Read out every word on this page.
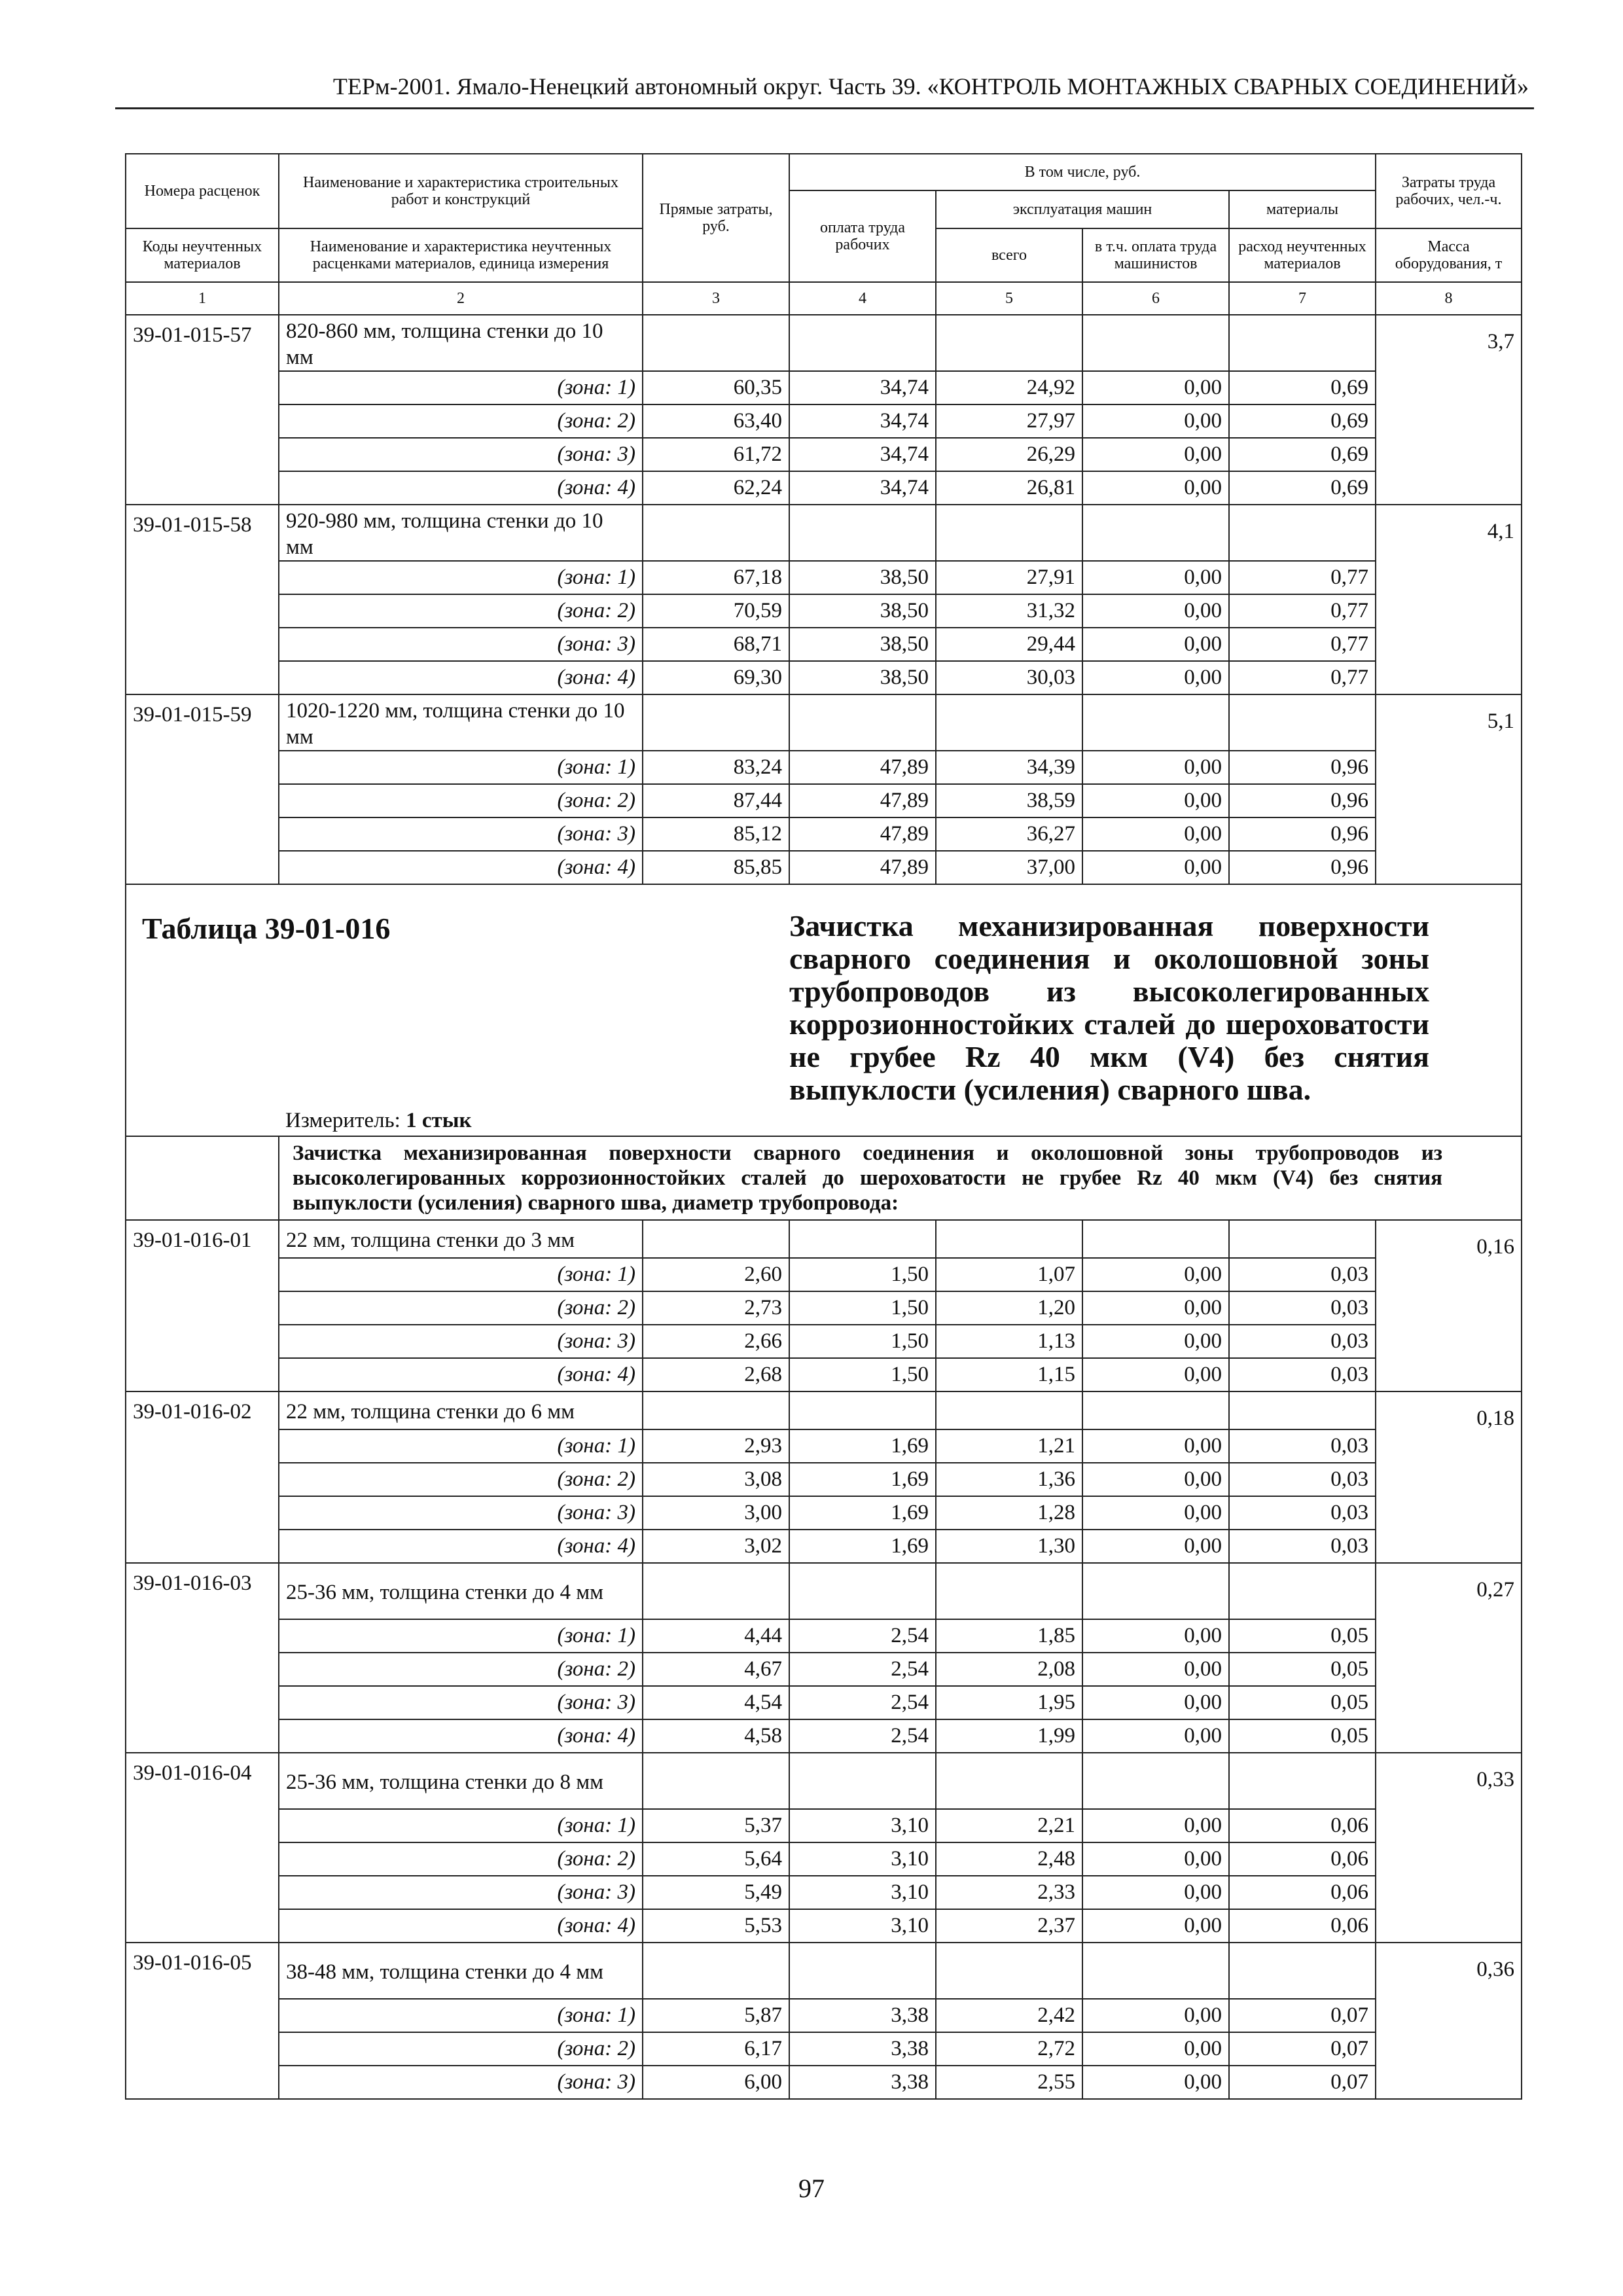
ТЕРм-2001. Ямало-Ненецкий автономный округ. Часть 39. «КОНТРОЛЬ МОНТАЖНЫХ СВАРНЫХ СОЕДИНЕНИЙ»
Номера расценок	Наименование и характеристика строительных работ и конструкций	Прямые затраты, руб.	В том числе, руб.				Затраты труда рабочих, чел.-ч.
			оплата труда рабочих	эксплуатация машин		материалы	
Коды неучтенных материалов	Наименование и характеристика неучтенных расценками материалов, единица измерения			всего	в т.ч. оплата труда машинистов	расход неучтенных материалов	Масса оборудования, т
1	2	3	4	5	6	7	8
39-01-015-57	820-860 мм, толщина стенки до 10 мм						3,7
	(зона: 1)	60,35	34,74	24,92	0,00	0,69	
	(зона: 2)	63,40	34,74	27,97	0,00	0,69	
	(зона: 3)	61,72	34,74	26,29	0,00	0,69	
	(зона: 4)	62,24	34,74	26,81	0,00	0,69	
39-01-015-58	920-980 мм, толщина стенки до 10 мм						4,1
	(зона: 1)	67,18	38,50	27,91	0,00	0,77	
	(зона: 2)	70,59	38,50	31,32	0,00	0,77	
	(зона: 3)	68,71	38,50	29,44	0,00	0,77	
	(зона: 4)	69,30	38,50	30,03	0,00	0,77	
39-01-015-59	1020-1220 мм, толщина стенки до 10 мм						5,1
	(зона: 1)	83,24	47,89	34,39	0,00	0,96	
	(зона: 2)	87,44	47,89	38,59	0,00	0,96	
	(зона: 3)	85,12	47,89	36,27	0,00	0,96	
	(зона: 4)	85,85	47,89	37,00	0,00	0,96	
Таблица 39-01-016			Зачистка механизированная поверхности сварного соединения и околошовной зоны трубопроводов из высоколегированных коррозионностойких сталей до шероховатости не грубее Rz 40 мкм (V4) без снятия выпуклости (усиления) сварного шва.				
	Измеритель: 1 стык						
	Зачистка механизированная поверхности сварного соединения и околошовной зоны трубопроводов из высоколегированных коррозионностойких сталей до шероховатости не грубее Rz 40 мкм (V4) без снятия выпуклости (усиления) сварного шва, диаметр трубопровода:						
39-01-016-01	22 мм, толщина стенки до 3 мм						0,16
	(зона: 1)	2,60	1,50	1,07	0,00	0,03	
	(зона: 2)	2,73	1,50	1,20	0,00	0,03	
	(зона: 3)	2,66	1,50	1,13	0,00	0,03	
	(зона: 4)	2,68	1,50	1,15	0,00	0,03	
39-01-016-02	22 мм, толщина стенки до 6 мм						0,18
	(зона: 1)	2,93	1,69	1,21	0,00	0,03	
	(зона: 2)	3,08	1,69	1,36	0,00	0,03	
	(зона: 3)	3,00	1,69	1,28	0,00	0,03	
	(зона: 4)	3,02	1,69	1,30	0,00	0,03	
39-01-016-03	25-36 мм, толщина стенки до 4 мм						0,27
	(зона: 1)	4,44	2,54	1,85	0,00	0,05	
	(зона: 2)	4,67	2,54	2,08	0,00	0,05	
	(зона: 3)	4,54	2,54	1,95	0,00	0,05	
	(зона: 4)	4,58	2,54	1,99	0,00	0,05	
39-01-016-04	25-36 мм, толщина стенки до 8 мм						0,33
	(зона: 1)	5,37	3,10	2,21	0,00	0,06	
	(зона: 2)	5,64	3,10	2,48	0,00	0,06	
	(зона: 3)	5,49	3,10	2,33	0,00	0,06	
	(зона: 4)	5,53	3,10	2,37	0,00	0,06	
39-01-016-05	38-48 мм, толщина стенки до 4 мм						0,36
	(зона: 1)	5,87	3,38	2,42	0,00	0,07	
	(зона: 2)	6,17	3,38	2,72	0,00	0,07	
	(зона: 3)	6,00	3,38	2,55	0,00	0,07	
97
